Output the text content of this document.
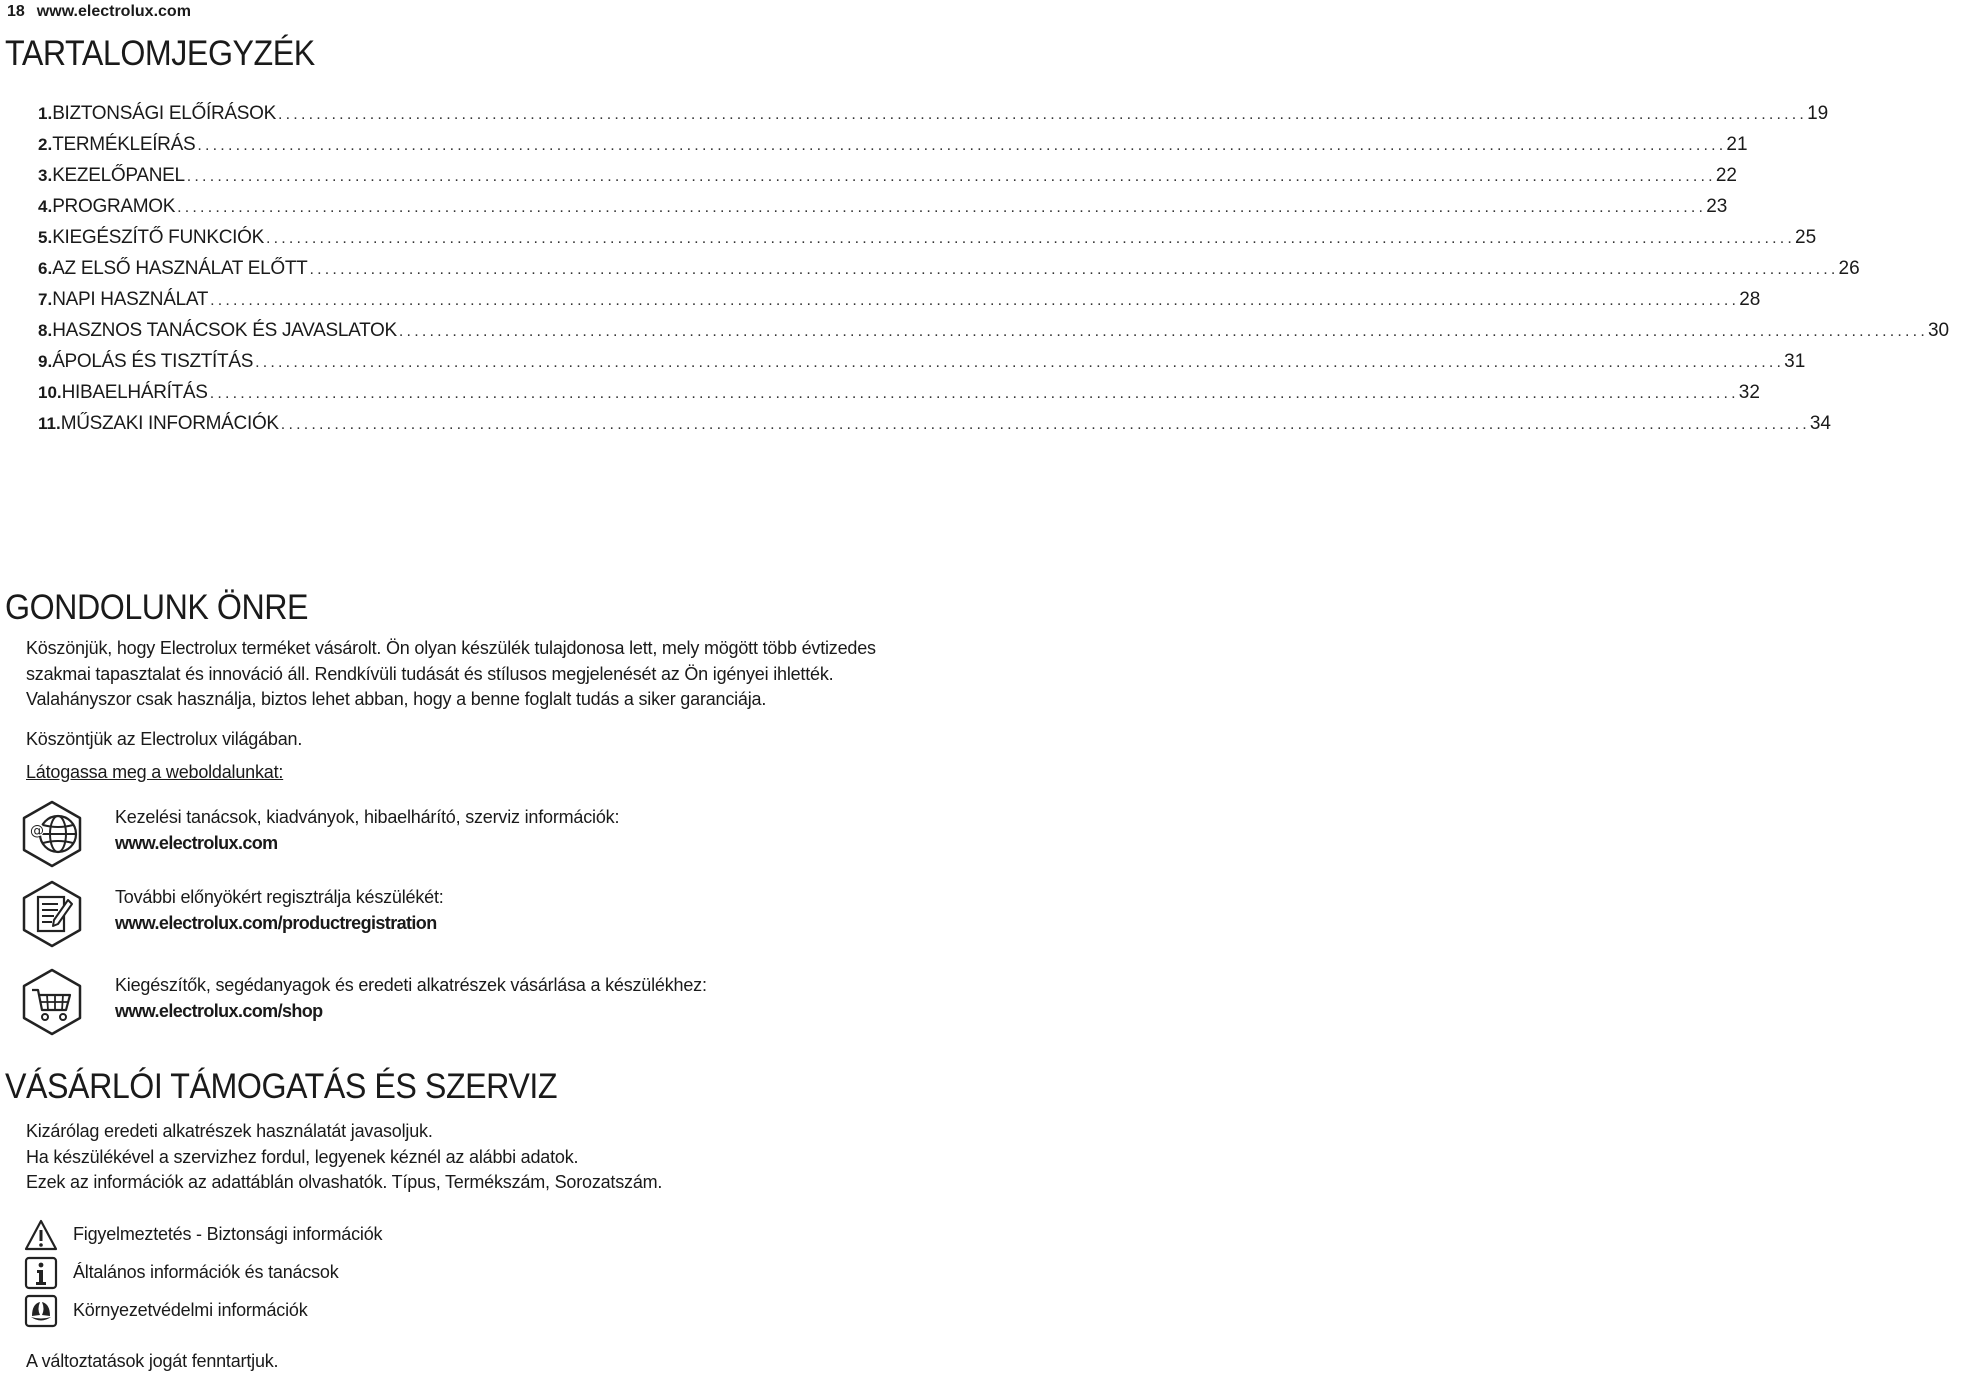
18 www.electrolux.com
TARTALOMJEGYZÉK
1. BIZTONSÁGI ELŐÍRÁSOK ........................................................................................................................................................................................................ 19
2. TERMÉKLEÍRÁS ........................................................................................................................................................................................................ 21
3. KEZELŐPANEL ........................................................................................................................................................................................................ 22
4. PROGRAMOK ........................................................................................................................................................................................................ 23
5. KIEGÉSZÍTŐ FUNKCIÓK ........................................................................................................................................................................................................ 25
6. AZ ELSŐ HASZNÁLAT ELŐTT ........................................................................................................................................................................................................ 26
7. NAPI HASZNÁLAT ........................................................................................................................................................................................................ 28
8. HASZNOS TANÁCSOK ÉS JAVASLATOK ........................................................................................................................................................................................................ 30
9. ÁPOLÁS ÉS TISZTÍTÁS ........................................................................................................................................................................................................ 31
10. HIBAELHÁRÍTÁS ........................................................................................................................................................................................................ 32
11. MŰSZAKI INFORMÁCIÓK ........................................................................................................................................................................................................ 34
GONDOLUNK ÖNRE

Köszönjük, hogy Electrolux terméket vásárolt. Ön olyan készülék tulajdonosa lett, mely mögött több évtizedes
szakmai tapasztalat és innováció áll. Rendkívüli tudását és stílusos megjelenését az Ön igényei ihlették.
Valahányszor csak használja, biztos lehet abban, hogy a benne foglalt tudás a siker garanciája.

Köszöntjük az Electrolux világában.

Látogassa meg a weboldalunkat:

@
Kezelési tanácsok, kiadványok, hibaelhárító, szerviz információk:
www.electrolux.com
További előnyökért regisztrálja készülékét:
www.electrolux.com/productregistration
Kiegészítők, segédanyagok és eredeti alkatrészek vásárlása a készülékhez:
www.electrolux.com/shop
VÁSÁRLÓI TÁMOGATÁS ÉS SZERVIZ

Kizárólag eredeti alkatrészek használatát javasoljuk.
Ha készülékével a szervizhez fordul, legyenek kéznél az alábbi adatok.
Ezek az információk az adattáblán olvashatók. Típus, Termékszám, Sorozatszám.

Figyelmeztetés - Biztonsági információk
Általános információk és tanácsok
Környezetvédelmi információk

A változtatások jogát fenntartjuk.
